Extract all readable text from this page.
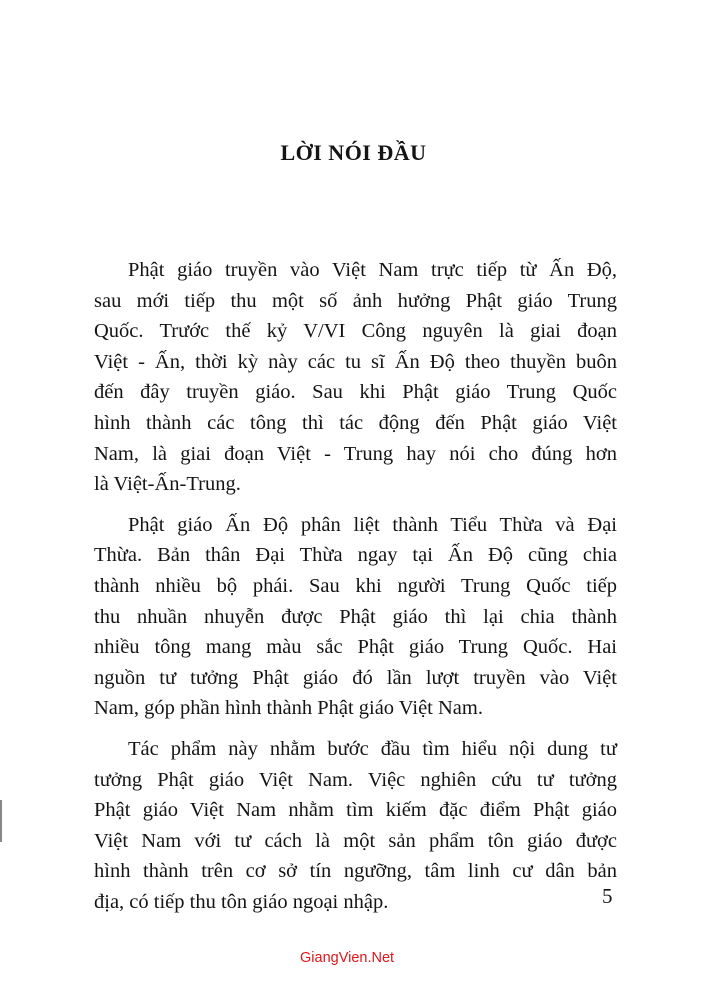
LỜI NÓI ĐẦU

Phật giáo truyền vào Việt Nam trực tiếp từ Ấn Độ,
sau mới tiếp thu một số ảnh hưởng Phật giáo Trung
Quốc. Trước thế kỷ V/VI Công nguyên là giai đoạn
Việt - Ấn, thời kỳ này các tu sĩ Ấn Độ theo thuyền buôn
đến đây truyền giáo. Sau khi Phật giáo Trung Quốc
hình thành các tông thì tác động đến Phật giáo Việt
Nam, là giai đoạn Việt - Trung hay nói cho đúng hơn
là Việt-Ấn-Trung.

Phật giáo Ấn Độ phân liệt thành Tiểu Thừa và Đại
Thừa. Bản thân Đại Thừa ngay tại Ấn Độ cũng chia
thành nhiều bộ phái. Sau khi người Trung Quốc tiếp
thu nhuần nhuyễn được Phật giáo thì lại chia thành
nhiều tông mang màu sắc Phật giáo Trung Quốc. Hai
nguồn tư tưởng Phật giáo đó lần lượt truyền vào Việt
Nam, góp phần hình thành Phật giáo Việt Nam.

Tác phẩm này nhằm bước đầu tìm hiểu nội dung tư
tưởng Phật giáo Việt Nam. Việc nghiên cứu tư tưởng
Phật giáo Việt Nam nhằm tìm kiếm đặc điểm Phật giáo
Việt Nam với tư cách là một sản phẩm tôn giáo được
hình thành trên cơ sở tín ngưỡng, tâm linh cư dân bản
địa, có tiếp thu tôn giáo ngoại nhập.	5
GiangVien.Net
